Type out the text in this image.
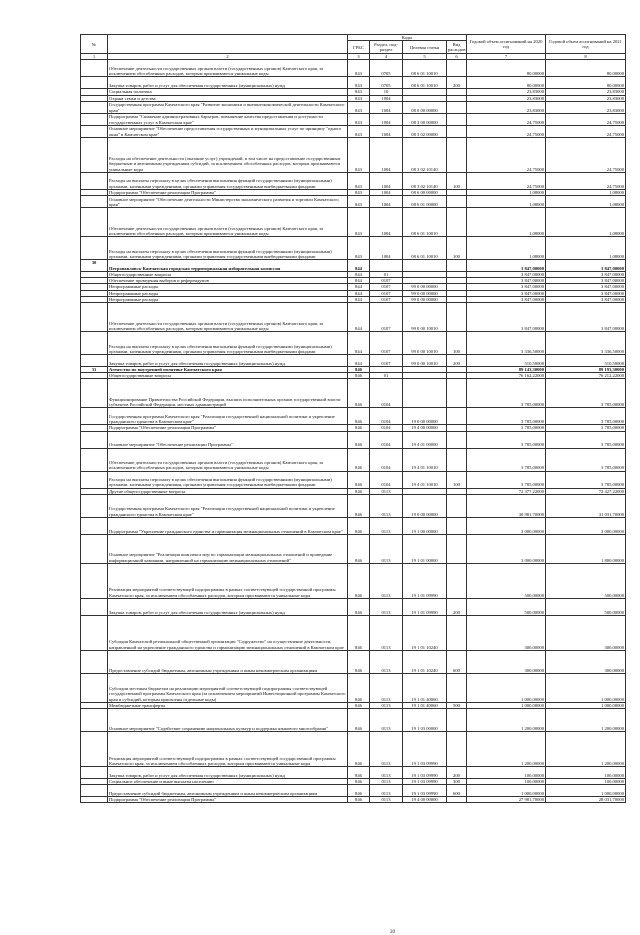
№		Коды				Годовой объем ассигнований на 2020 год	Годовой объем ассигнований на 2021 год
		ГРБС	Раздел, под-раздел	Целевая статья	Вид расходов		
1	2	3	4	5	6	7	8
	Обеспечение деятельности государственных органов власти (государственных органов) Камчатского края, за исключением обособленных расходов, которым присваиваются уникальные коды	843	0705	08 6 01 10010		80,00000	80,00000
	Закупка товаров, работ и услуг для обеспечения государственных (муниципальных) нужд	843	0705	08 6 01 10010	200	80,00000	80,00000
	Социальная политика	843	10			23,83000	23,83000
	Охрана семьи и детства	843	1004			23,83000	23,83000
	Государственная программа Камчатского края "Развитие экономики и внешнеэкономической деятельности Камчатского края"	843	1004	08 0 00 00000		23,83000	23,83000
	Подпрограмма "Снижение административных барьеров, повышение качества предоставления и доступности государственных услуг в Камчатском крае"	843	1004	08 3 00 00000		24,75000	24,75000
	Основное мероприятие "Обеспечение предоставления государственных и муниципальных услуг по принципу "одного окна" в Камчатском крае"	843	1004	08 3 02 00000		24,75000	24,75000
	Расходы на обеспечение деятельности (оказание услуг) учреждений, в том числе на предоставление государственным бюджетным и автономным учреждениям субсидий, за исключением обособленных расходов, которым присваиваются уникальные коды	843	1004	08 3 02 10140		24,75000	24,75000
	Расходы на выплаты персоналу в целях обеспечения выполнения функций государственными (муниципальными) органами, казенными учреждениями, органами управления государственными внебюджетными фондами	843	1004	08 3 02 10140	100	24,75000	24,75000
	Подпрограмма "Обеспечение реализации Программы"	843	1004	08 6 00 00000		1,08000	1,08000
	Основное мероприятие "Обеспечение деятельности Министерства экономического развития и торговли Камчатского края"	843	1004	08 6 01 00000		1,08000	1,08000
	Обеспечение деятельности государственных органов власти (государственных органов) Камчатского края, за исключением обособленных расходов, которым присваиваются уникальные коды	843	1004	08 6 01 10010		1,08000	1,08000
	Расходы на выплаты персоналу в целях обеспечения выполнения функций государственными (муниципальными) органами, казенными учреждениями, органами управления государственными внебюджетными фондами	843	1004	08 6 01 10010	100	1,08000	1,08000
30	Петропавловск-Камчатская городская территориальная избирательная комиссия	844				3 847,00000	3 847,00000
	Общегосударственные вопросы	844	01			3 847,00000	3 847,00000
	Обеспечение проведения выборов и референдумов	844	0107			3 847,00000	3 847,00000
	Непрограммные расходы	844	0107	99 0 00 00000		3 847,00000	3 847,00000
	Непрограммные расходы	844	0107	99 0 00 00000		3 847,00000	3 847,00000
	Непрограммные расходы	844	0107	99 0 00 00000		3 847,00000	3 847,00000
	Обеспечение деятельности государственных органов власти (государственных органов) Камчатского края, за исключением обособленных расходов, которым присваиваются уникальные коды	844	0107	99 0 00 10010		3 847,00000	3 847,00000
	Расходы на выплаты персоналу в целях обеспечения выполнения функций государственными (муниципальными) органами, казенными учреждениями, органами управления государственными внебюджетными фондами	844	0107	99 0 00 10010	100	3 336,50000	3 336,50000
	Закупка товаров, работ и услуг для обеспечения государственных (муниципальных) нужд	844	0107	99 0 00 10010	200	510,50000	510,50000
31	Агентство по внутренней политике Камчатского края	846				89 143,30000	89 193,30000
	Общегосударственные вопросы	846	01			76 162,22000	76 212,22000
	Функционирование Правительства Российской Федерации, высших исполнительных органов государственной власти субъектов Российской Федерации, местных администраций	846	0104			3 785,00000	3 785,00000
	Государственная программа Камчатского края "Реализация государственной национальной политики и укрепление гражданского единства в Камчатском крае"	846	0104	19 0 00 00000		3 785,00000	3 785,00000
	Подпрограмма "Обеспечение реализации Программы"	846	0104	19 4 00 00000		3 785,00000	3 785,00000
	Основное мероприятие "Обеспечение реализации Программы"	846	0104	19 4 01 00000		3 785,00000	3 785,00000
	Обеспечение деятельности государственных органов власти (государственных органов) Камчатского края, за исключением обособленных расходов, которым присваиваются уникальные коды	846	0104	19 4 01 10010		3 785,00000	3 785,00000
	Расходы на выплаты персоналу в целях обеспечения выполнения функций государственными (муниципальными) органами, казенными учреждениями, органами управления государственными внебюджетными фондами	846	0104	19 4 01 10010	100	3 785,00000	3 785,00000
	Другие общегосударственные вопросы	846	0113			72 377,22000	72 427,22000
	Государственная программа Камчатского края "Реализация государственной национальной политики и укрепление гражданского единства в Камчатском крае"	846	0113	19 0 00 00000		30 981,70000	31 031,70000
	Подпрограмма "Укрепление гражданского единства и гармонизация межнациональных отношений в Камчатском крае"	846	0113	19 1 00 00000		3 000,00000	3 000,00000
	Основное мероприятие "Реализация комплекса мер по гармонизации межнациональных отношений и проведение информационной кампании, направленной на гармонизацию межнациональных отношений"	846	0113	19 1 01 00000		3 000,00000	1 800,00000
	Реализация мероприятий соответствующей подпрограммы в рамках соответствующей государственной программы Камчатского края, за исключением обособленных расходов, которым присваиваются уникальные коды	846	0113	19 1 01 09990		500,00000	500,00000
	Закупка товаров, работ и услуг для обеспечения государственных (муниципальных) нужд	846	0113	19 1 01 09990	200	500,00000	500,00000
	Субсидия Камчатской региональной общественной организации "Содружество" на осуществление деятельности, направленной на укрепление гражданского единства и гармонизацию межнациональных отношений в Камчатском крае	846	0113	19 1 01 10240		300,00000	300,00000
	Предоставление субсидий бюджетным, автономным учреждениям и иным некоммерческим организациям	846	0113	19 1 01 10240	600	300,00000	300,00000
	Субсидии местным бюджетам на реализацию мероприятий соответствующей подпрограммы соответствующей государственной программы Камчатского края (за исключением мероприятий Инвестиционной программы Камчатского края и субсидий, которым присвоены отдельные коды)	846	0113	19 1 01 40060		1 000,00000	1 000,00000
	Межбюджетные трансферты	846	0113	19 1 01 40060	500	1 000,00000	1 000,00000
	Основное мероприятие "Содействие сохранению национальных культур и поддержка языкового многообразия"	846	0113	19 1 03 00000		1 200,00000	1 200,00000
	Реализация мероприятий соответствующей подпрограммы в рамках соответствующей государственной программы Камчатского края, за исключением обособленных расходов, которым присваиваются уникальные коды	846	0113	19 1 03 09990		1 200,00000	1 200,00000
	Закупка товаров, работ и услуг для обеспечения государственных (муниципальных) нужд	846	0113	19 1 03 09990	200	100,00000	100,00000
	Социальное обеспечение и иные выплаты населению	846	0113	19 1 03 09990	300	100,00000	100,00000
	Предоставление субсидий бюджетным, автономным учреждениям и иным некоммерческим организациям	846	0113	19 1 03 09990	600	1 000,00000	1 000,00000
	Подпрограмма "Обеспечение реализации Программы"	846	0113	19 4 00 00000		27 981,70000	28 031,70000
20
